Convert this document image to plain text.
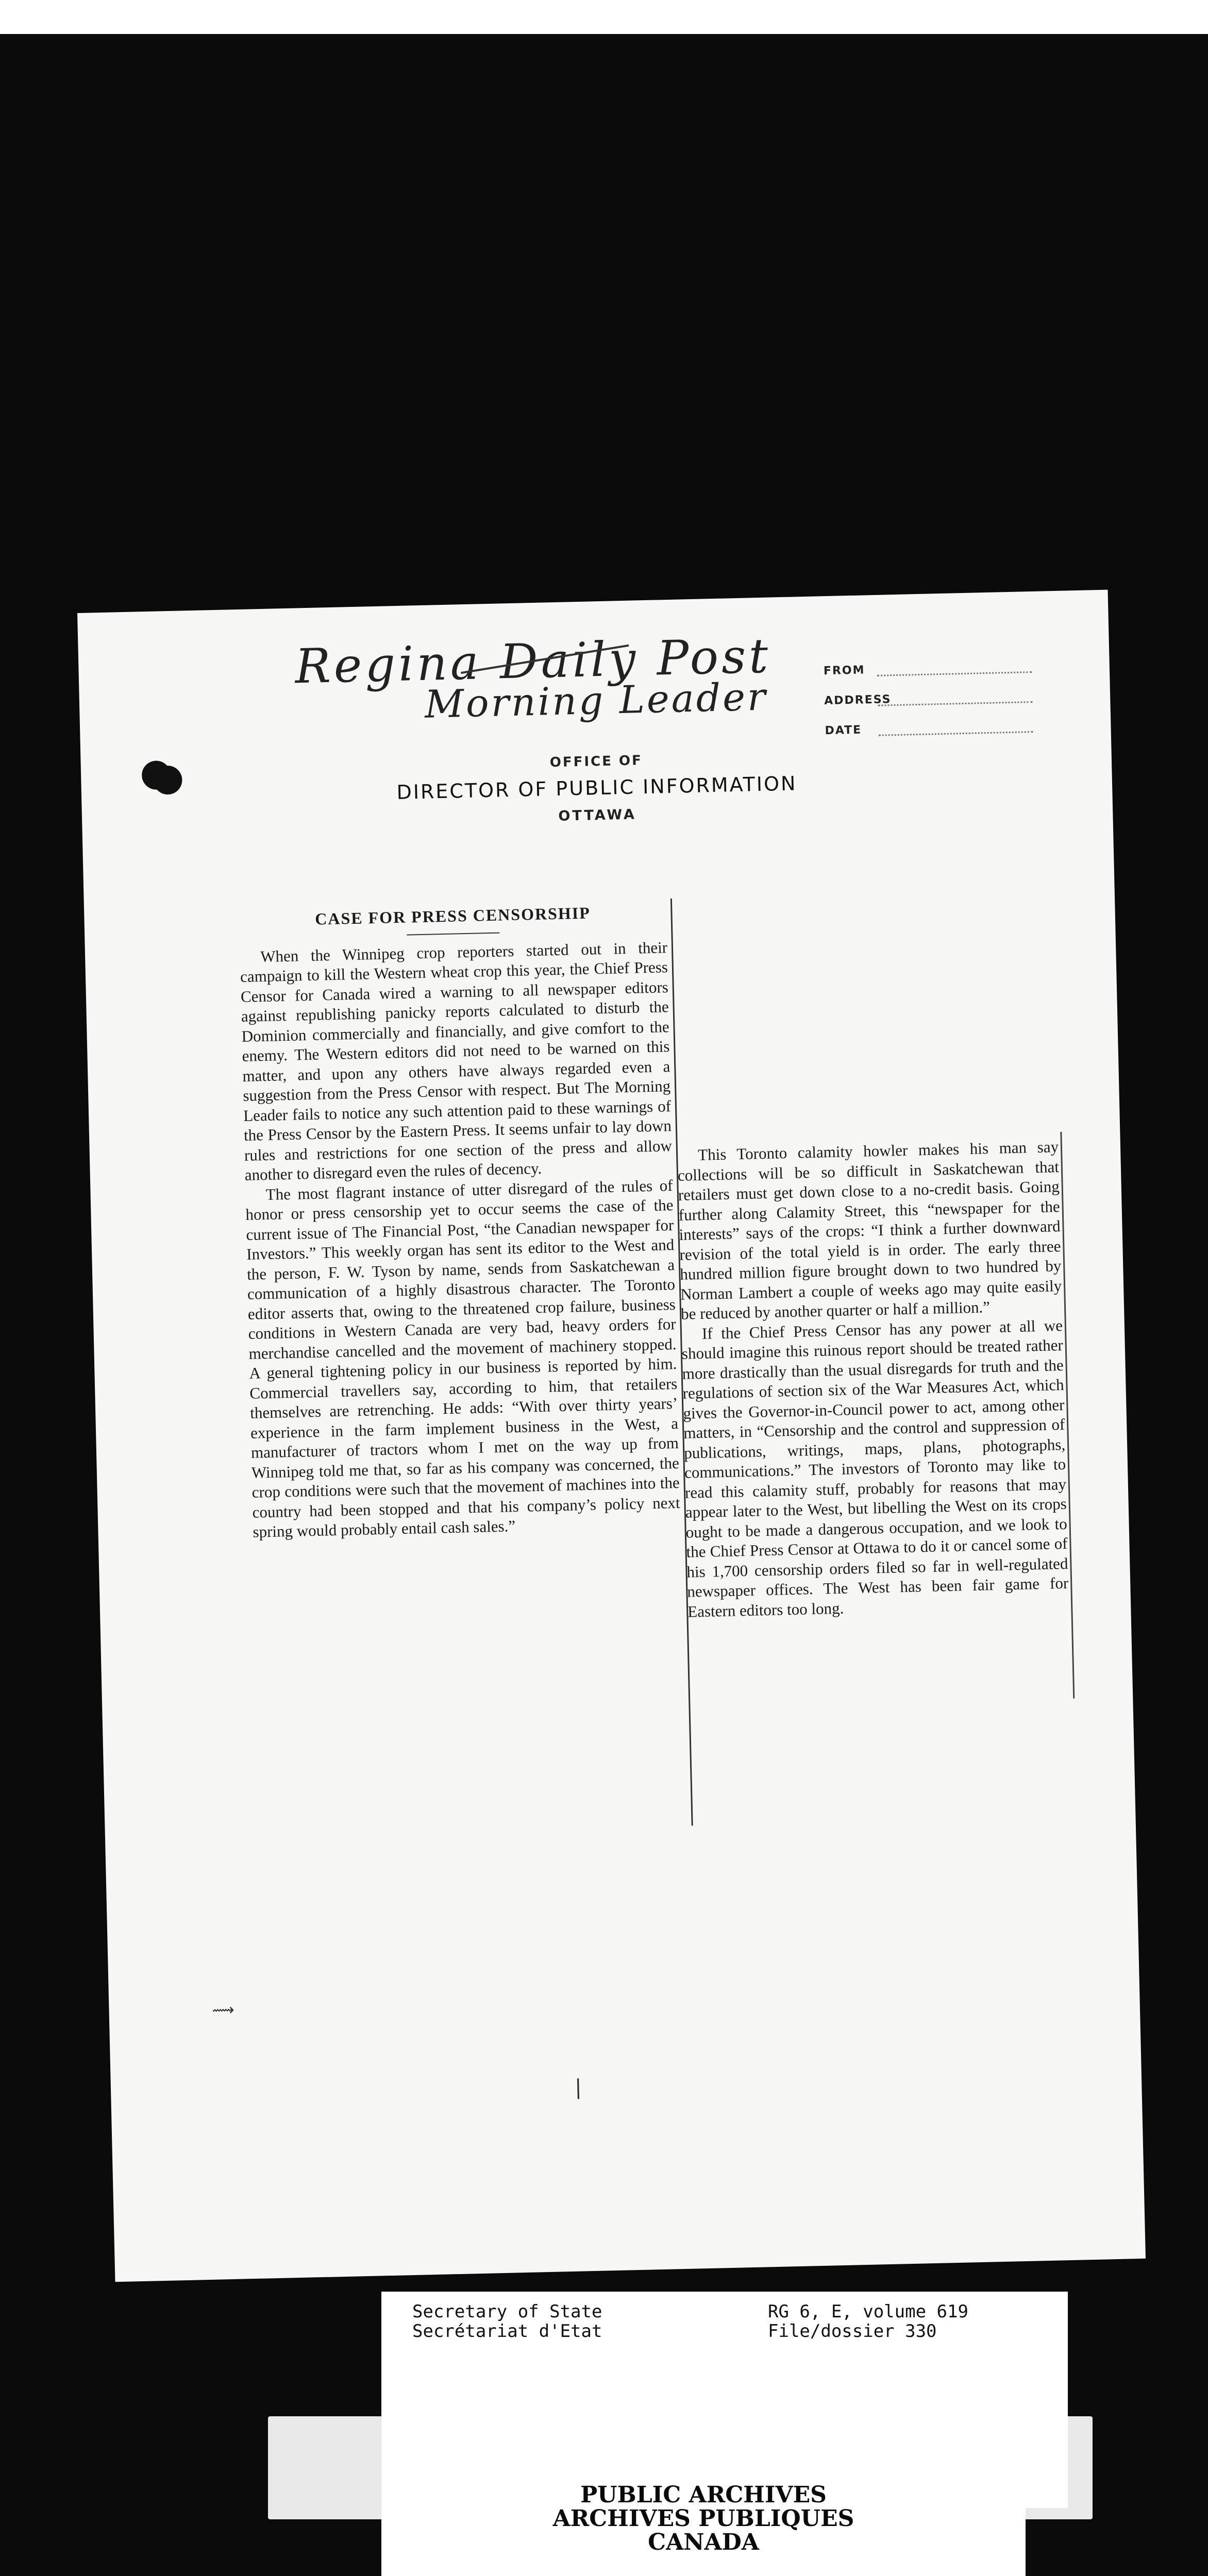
Regina Daily Post
Morning Leader
FROM
ADDRESS
DATE
OFFICE OF
DIRECTOR OF PUBLIC INFORMATION
OTTAWA
CASE FOR PRESS CENSORSHIP

When the Winnipeg crop reporters started out in their campaign to kill the Western wheat crop this year, the Chief Press Censor for Canada wired a warning to all newspaper editors against republishing panicky reports calculated to disturb the Dominion commercially and financially, and give comfort to the enemy. The Western editors did not need to be warned on this matter, and upon any others have always regarded even a suggestion from the Press Censor with respect. But The Morning Leader fails to notice any such attention paid to these warnings of the Press Censor by the Eastern Press. It seems unfair to lay down rules and restrictions for one section of the press and allow another to disregard even the rules of decency.

The most flagrant instance of utter disregard of the rules of honor or press censorship yet to occur seems the case of the current issue of The Financial Post, “the Canadian newspaper for Investors.” This weekly organ has sent its editor to the West and the person, F. W. Tyson by name, sends from Saskatchewan a communication of a highly disastrous character. The Toronto editor asserts that, owing to the threatened crop failure, business conditions in Western Canada are very bad, heavy orders for merchandise cancelled and the movement of machinery stopped. A general tightening policy in our business is reported by him. Commercial travellers say, according to him, that retailers themselves are retrenching. He adds: “With over thirty years’ experience in the farm implement business in the West, a manufacturer of tractors whom I met on the way up from Winnipeg told me that, so far as his company was concerned, the crop conditions were such that the movement of machines into the country had been stopped and that his company’s policy next spring would probably entail cash sales.”

This Toronto calamity howler makes his man say collections will be so difficult in Saskatchewan that retailers must get down close to a no-credit basis. Going further along Calamity Street, this “newspaper for the interests” says of the crops: “I think a further downward revision of the total yield is in order. The early three hundred million figure brought down to two hundred by Norman Lambert a couple of weeks ago may quite easily be reduced by another quarter or half a million.”

If the Chief Press Censor has any power at all we should imagine this ruinous report should be treated rather more drastically than the usual disregards for truth and the regulations of section six of the War Measures Act, which gives the Governor-in-Council power to act, among other matters, in “Censorship and the control and suppression of publications, writings, maps, plans, photographs, communications.” The investors of Toronto may like to read this calamity stuff, probably for reasons that may appear later to the West, but libelling the West on its crops ought to be made a dangerous occupation, and we look to the Chief Press Censor at Ottawa to do it or cancel some of his 1,700 censorship orders filed so far in well-regulated newspaper offices. The West has been fair game for Eastern editors too long.

⟿
|
Secretary of State
Secrétariat d'Etat
RG 6, E, volume 619
File/dossier 330
PUBLIC ARCHIVES
ARCHIVES PUBLIQUES
CANADA
